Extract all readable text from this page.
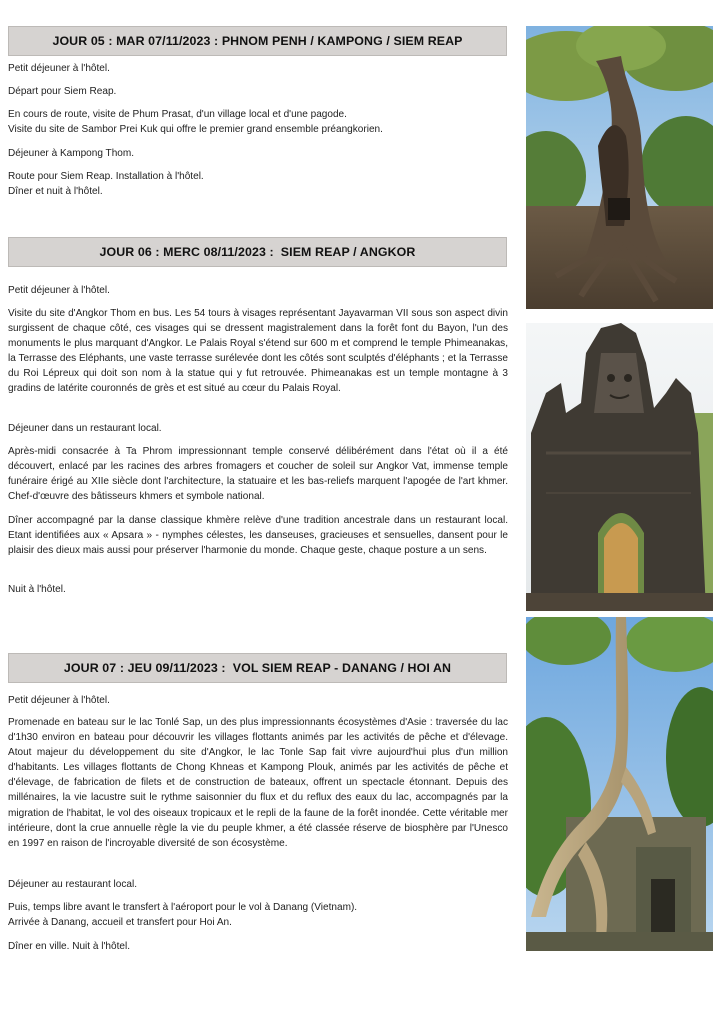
JOUR 05 : MAR 07/11/2023 : PHNOM PENH / KAMPONG / SIEM REAP
Petit déjeuner à l'hôtel.
Départ pour Siem Reap.
En cours de route, visite de Phum Prasat, d'un village local et d'une pagode.
Visite du site de Sambor Prei Kuk qui offre le premier grand ensemble préangkorien.
Déjeuner à Kampong Thom.
Route pour Siem Reap. Installation à l'hôtel.
Dîner et nuit à l'hôtel.
JOUR 06 : MERC 08/11/2023 :  SIEM REAP / ANGKOR
Petit déjeuner à l'hôtel.
Visite du site d'Angkor Thom en bus. Les 54 tours à visages représentant Jayavarman VII sous son aspect divin surgissent de chaque côté, ces visages qui se dressent magistralement dans la forêt font du Bayon, l'un des monuments le plus marquant d'Angkor. Le Palais Royal s'étend sur 600 m et comprend le temple Phimeanakas, la Terrasse des Eléphants, une vaste terrasse surélevée dont les côtés sont sculptés d'éléphants ; et la Terrasse du Roi Lépreux qui doit son nom à la statue qui y fut retrouvée. Phimeanakas est un temple montagne à 3 gradins de latérite couronnés de grès et est situé au cœur du Palais Royal.
Déjeuner dans un restaurant local.
Après-midi consacrée à Ta Phrom impressionnant temple conservé délibérément dans l'état où il a été découvert, enlacé par les racines des arbres fromagers et coucher de soleil sur Angkor Vat, immense temple funéraire érigé au XIIe siècle dont l'architecture, la statuaire et les bas-reliefs marquent l'apogée de l'art khmer. Chef-d'œuvre des bâtisseurs khmers et symbole national.
Dîner accompagné par la danse classique khmère relève d'une tradition ancestrale dans un restaurant local. Etant identifiées aux « Apsara » - nymphes célestes, les danseuses, gracieuses et sensuelles, dansent pour le plaisir des dieux mais aussi pour préserver l'harmonie du monde. Chaque geste, chaque posture a un sens.
Nuit à l'hôtel.
JOUR 07 : JEU 09/11/2023 :  VOL SIEM REAP - DANANG / HOI AN
Petit déjeuner à l'hôtel.
Promenade en bateau sur le lac Tonlé Sap, un des plus impressionnants écosystèmes d'Asie : traversée du lac d'1h30 environ en bateau pour découvrir les villages flottants animés par les activités de pêche et d'élevage. Atout majeur du développement du site d'Angkor, le lac Tonle Sap fait vivre aujourd'hui plus d'un million d'habitants. Les villages flottants de Chong Khneas et Kampong Plouk, animés par les activités de pêche et d'élevage, de fabrication de filets et de construction de bateaux, offrent un spectacle étonnant. Depuis des millénaires, la vie lacustre suit le rythme saisonnier du flux et du reflux des eaux du lac, accompagnés par la migration de l'habitat, le vol des oiseaux tropicaux et le repli de la faune de la forêt inondée. Cette véritable mer intérieure, dont la crue annuelle règle la vie du peuple khmer, a été classée réserve de biosphère par l'Unesco en 1997 en raison de l'incroyable diversité de son écosystème.
Déjeuner au restaurant local.
Puis, temps libre avant le transfert à l'aéroport pour le vol à Danang (Vietnam).
Arrivée à Danang, accueil et transfert pour Hoi An.
Dîner en ville. Nuit à l'hôtel.
